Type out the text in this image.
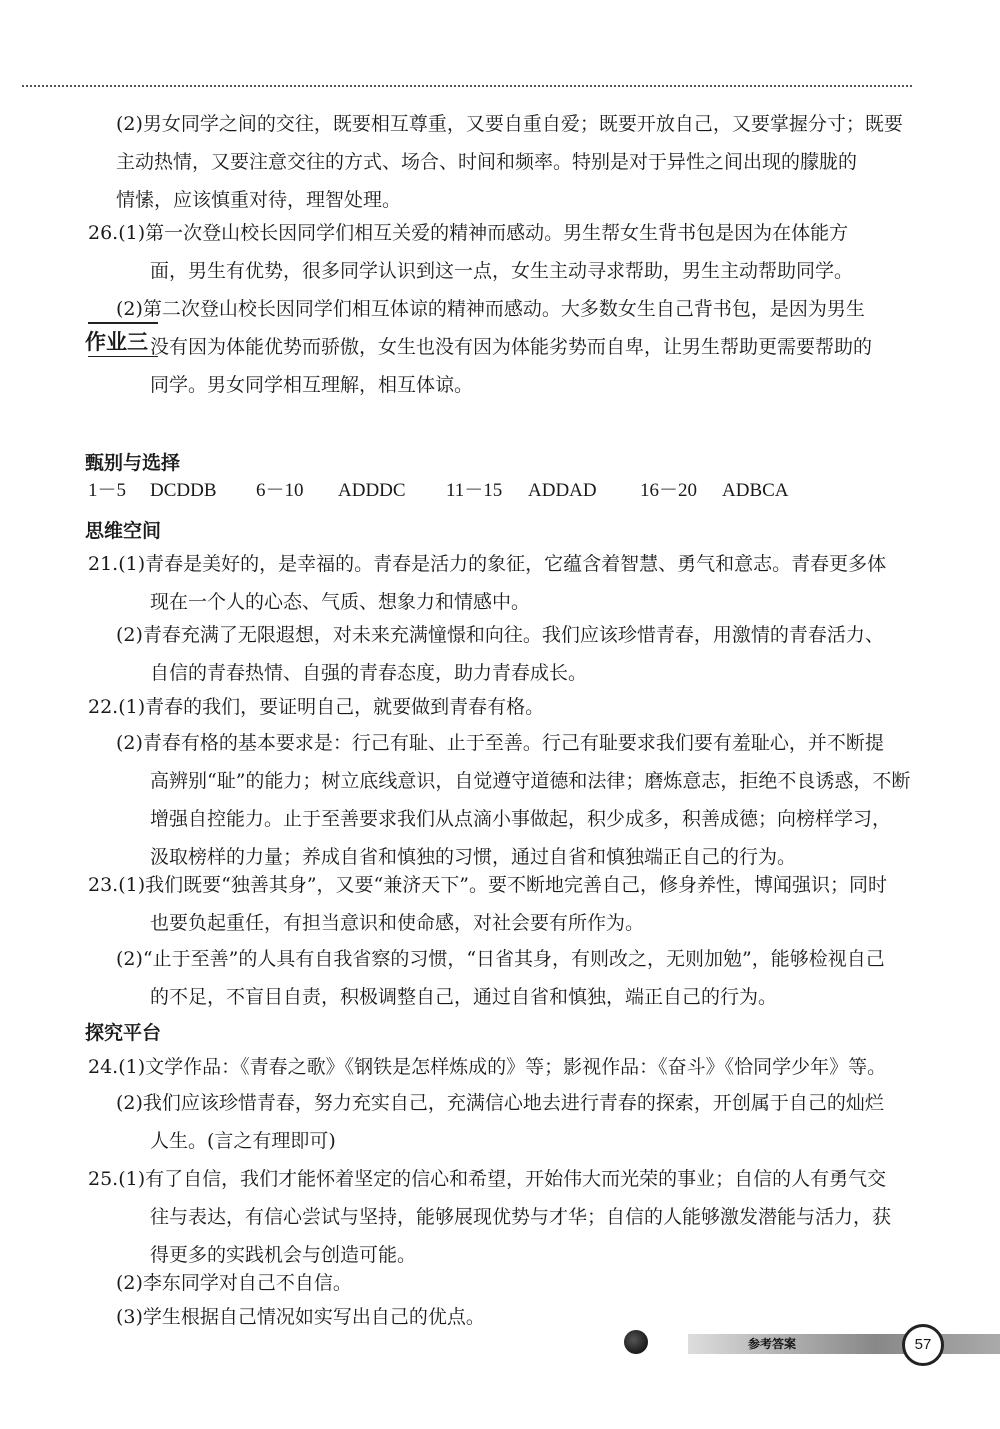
(2)男女同学之间的交往，既要相互尊重，又要自重自爱；既要开放自己，又要掌握分寸；既要
主动热情，又要注意交往的方式、场合、时间和频率。特别是对于异性之间出现的朦胧的
情愫，应该慎重对待，理智处理。
26.(1)第一次登山校长因同学们相互关爱的精神而感动。男生帮女生背书包是因为在体能方
面，男生有优势，很多同学认识到这一点，女生主动寻求帮助，男生主动帮助同学。
(2)第二次登山校长因同学们相互体谅的精神而感动。大多数女生自己背书包，是因为男生
没有因为体能优势而骄傲，女生也没有因为体能劣势而自卑，让男生帮助更需要帮助的
同学。男女同学相互理解，相互体谅。
作业三
甄别与选择
1－5 DCDDB 6－10 ADDDC 11－15 ADDAD 16－20 ADBCA
思维空间
21.(1)青春是美好的，是幸福的。青春是活力的象征，它蕴含着智慧、勇气和意志。青春更多体
现在一个人的心态、气质、想象力和情感中。
(2)青春充满了无限遐想，对未来充满憧憬和向往。我们应该珍惜青春，用激情的青春活力、
自信的青春热情、自强的青春态度，助力青春成长。
22.(1)青春的我们，要证明自己，就要做到青春有格。
(2)青春有格的基本要求是：行己有耻、止于至善。行己有耻要求我们要有羞耻心，并不断提
高辨别“耻”的能力；树立底线意识，自觉遵守道德和法律；磨炼意志，拒绝不良诱惑，不断
增强自控能力。止于至善要求我们从点滴小事做起，积少成多，积善成德；向榜样学习，
汲取榜样的力量；养成自省和慎独的习惯，通过自省和慎独端正自己的行为。
23.(1)我们既要“独善其身”，又要“兼济天下”。要不断地完善自己，修身养性，博闻强识；同时
也要负起重任，有担当意识和使命感，对社会要有所作为。
(2)“止于至善”的人具有自我省察的习惯，“日省其身，有则改之，无则加勉”，能够检视自己
的不足，不盲目自责，积极调整自己，通过自省和慎独，端正自己的行为。
探究平台
24.(1)文学作品：《青春之歌》《钢铁是怎样炼成的》等；影视作品：《奋斗》《恰同学少年》等。
(2)我们应该珍惜青春，努力充实自己，充满信心地去进行青春的探索，开创属于自己的灿烂
人生。(言之有理即可)
25.(1)有了自信，我们才能怀着坚定的信心和希望，开始伟大而光荣的事业；自信的人有勇气交
往与表达，有信心尝试与坚持，能够展现优势与才华；自信的人能够激发潜能与活力，获
得更多的实践机会与创造可能。
(2)李东同学对自己不自信。
(3)学生根据自己情况如实写出自己的优点。
参考答案	57
